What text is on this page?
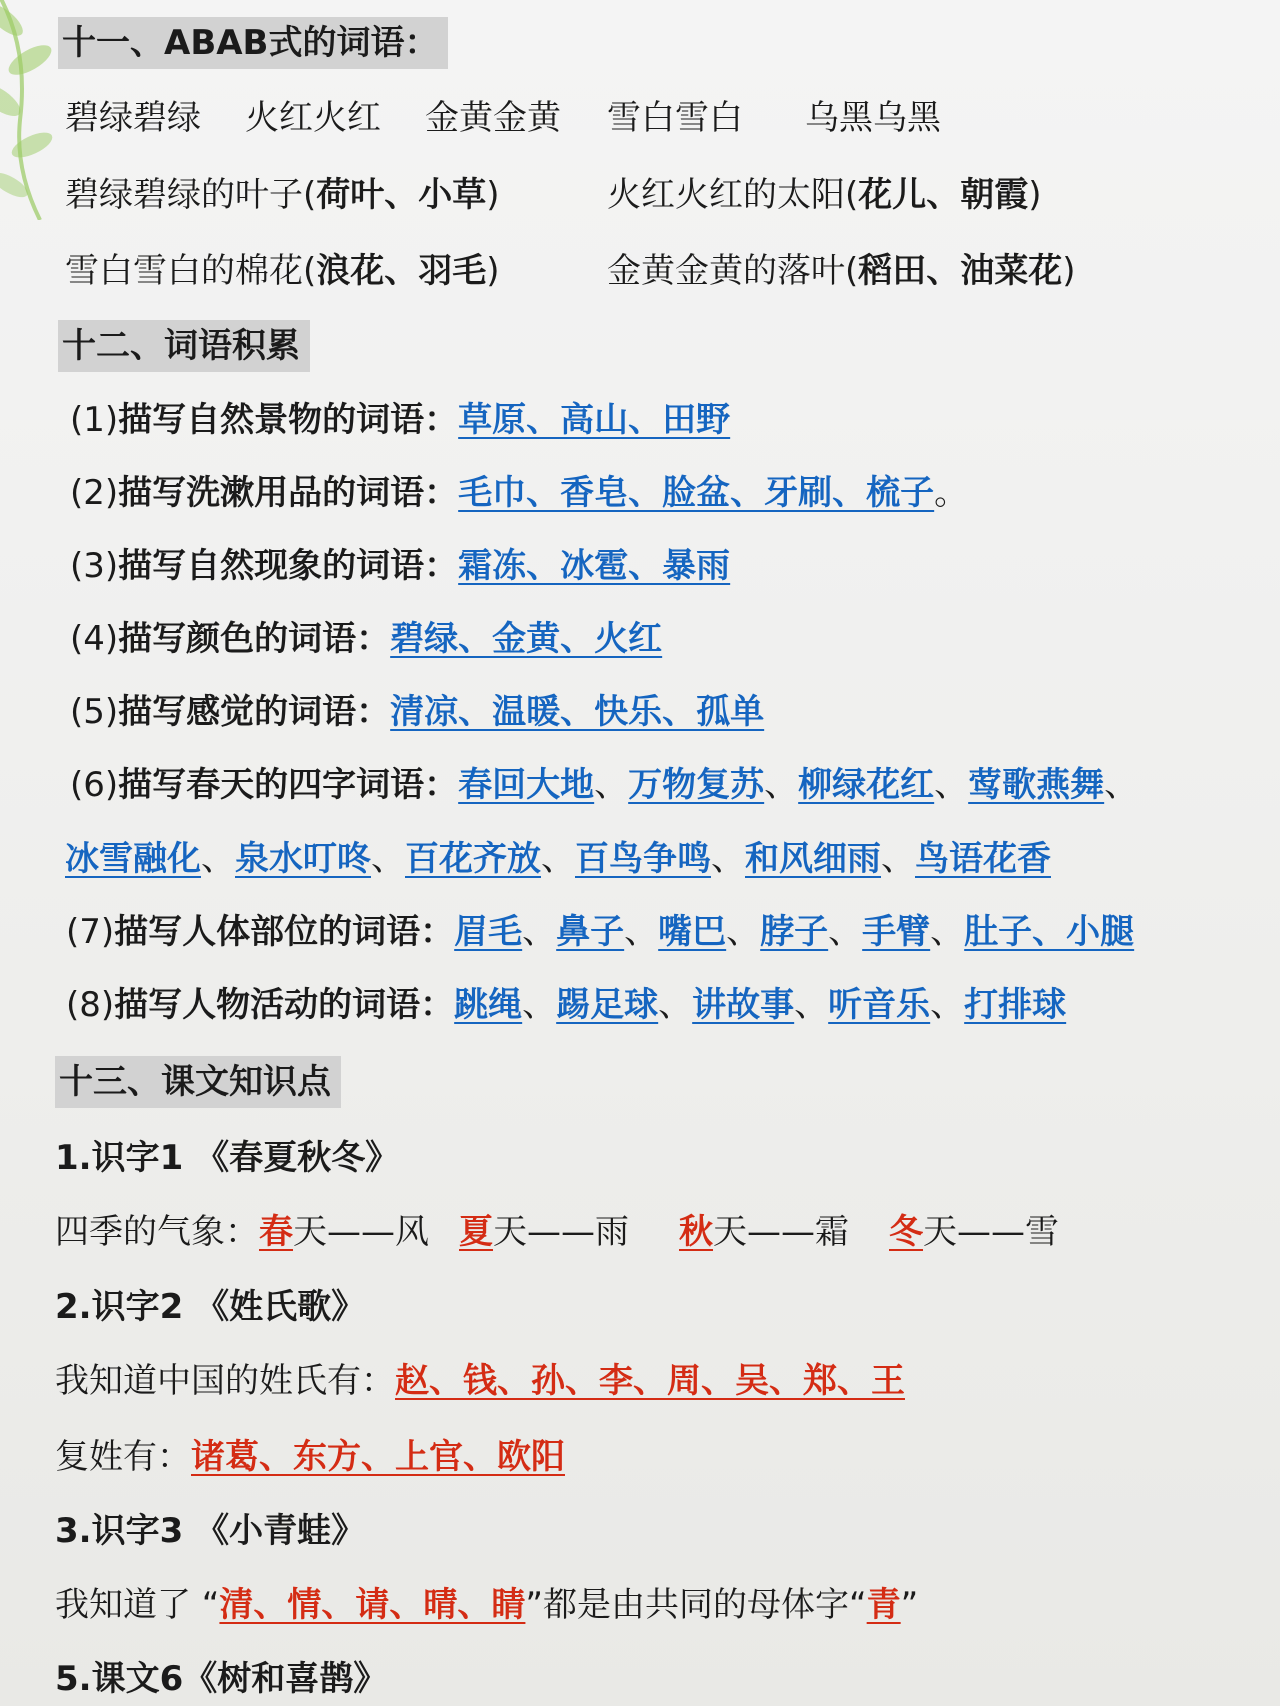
十一、ABAB式的词语：
碧绿碧绿 火红火红 金黄金黄 雪白雪白 乌黑乌黑
碧绿碧绿的叶子(荷叶、小草)	火红火红的太阳(花儿、朝霞)
雪白雪白的棉花(浪花、羽毛)	金黄金黄的落叶(稻田、油菜花)
十二、词语积累
(1)描写自然景物的词语：草原、高山、田野
(2)描写洗漱用品的词语：毛巾、香皂、脸盆、牙刷、梳子。
(3)描写自然现象的词语：霜冻、冰雹、暴雨
(4)描写颜色的词语：碧绿、金黄、火红
(5)描写感觉的词语：清凉、温暖、快乐、孤单
(6)描写春天的四字词语：春回大地、万物复苏、柳绿花红、莺歌燕舞、
冰雪融化、泉水叮咚、百花齐放、百鸟争鸣、和风细雨、鸟语花香
(7)描写人体部位的词语：眉毛、鼻子、嘴巴、脖子、手臂、肚子、小腿
(8)描写人物活动的词语：跳绳、踢足球、讲故事、听音乐、打排球
十三、课文知识点
1.识字1 《春夏秋冬》
四季的气象：春天——风 夏天——雨 秋天——霜 冬天——雪
2.识字2 《姓氏歌》
我知道中国的姓氏有：赵、钱、孙、李、周、吴、郑、王
复姓有：诸葛、东方、上官、欧阳
3.识字3 《小青蛙》
我知道了 “清、情、请、晴、睛”都是由共同的母体字“青”
5.课文6《树和喜鹊》
